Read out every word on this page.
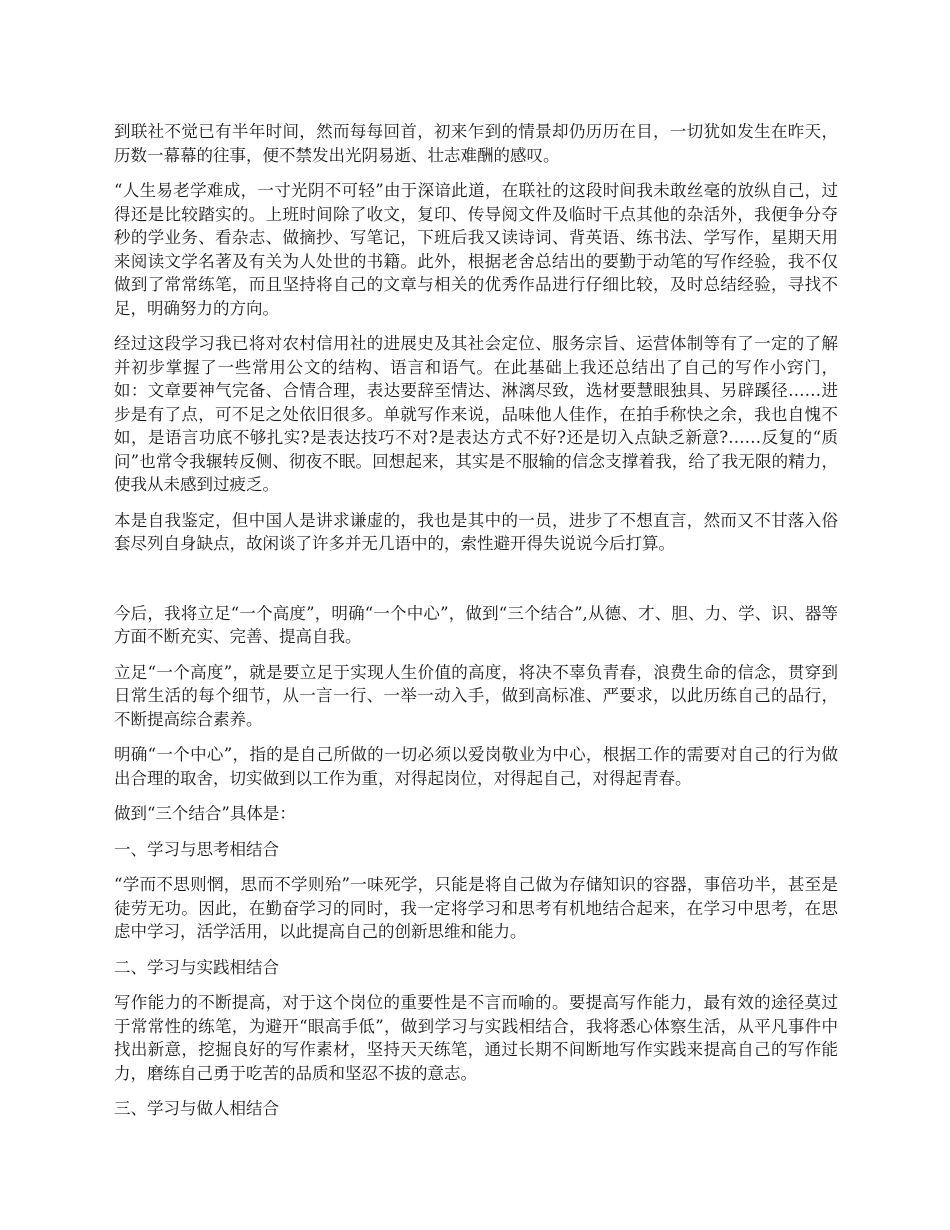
到联社不觉已有半年时间，然而每每回首，初来乍到的情景却仍历历在目，一切犹如发生在昨天，历数一幕幕的往事，便不禁发出光阴易逝、壮志难酬的感叹。

“人生易老学难成，一寸光阴不可轻”由于深谙此道，在联社的这段时间我未敢丝毫的放纵自己，过得还是比较踏实的。上班时间除了收文，复印、传导阅文件及临时干点其他的杂活外，我便争分夺秒的学业务、看杂志、做摘抄、写笔记，下班后我又读诗词、背英语、练书法、学写作，星期天用来阅读文学名著及有关为人处世的书籍。此外，根据老舍总结出的要勤于动笔的写作经验，我不仅做到了常常练笔，而且坚持将自己的文章与相关的优秀作品进行仔细比较，及时总结经验，寻找不足，明确努力的方向。

经过这段学习我已将对农村信用社的进展史及其社会定位、服务宗旨、运营体制等有了一定的了解并初步掌握了一些常用公文的结构、语言和语气。在此基础上我还总结出了自己的写作小窍门，如：文章要神气完备、合情合理，表达要辞至情达、淋漓尽致，选材要慧眼独具、另辟蹊径……进步是有了点，可不足之处依旧很多。单就写作来说，品味他人佳作，在拍手称快之余，我也自愧不如，是语言功底不够扎实?是表达技巧不对?是表达方式不好?还是切入点缺乏新意?……反复的“质问”也常令我辗转反侧、彻夜不眠。回想起来，其实是不服输的信念支撑着我，给了我无限的精力，使我从未感到过疲乏。

本是自我鉴定，但中国人是讲求谦虚的，我也是其中的一员，进步了不想直言，然而又不甘落入俗套尽列自身缺点，故闲谈了许多并无几语中的，索性避开得失说说今后打算。

今后，我将立足“一个高度”，明确“一个中心”，做到“三个结合”,从德、才、胆、力、学、识、器等方面不断充实、完善、提高自我。

立足“一个高度”，就是要立足于实现人生价值的高度，将决不辜负青春，浪费生命的信念，贯穿到日常生活的每个细节，从一言一行、一举一动入手，做到高标准、严要求，以此历练自己的品行，不断提高综合素养。

明确“一个中心”，指的是自己所做的一切必须以爱岗敬业为中心，根据工作的需要对自己的行为做出合理的取舍，切实做到以工作为重，对得起岗位，对得起自己，对得起青春。

做到“三个结合”具体是：

一、学习与思考相结合

“学而不思则惘，思而不学则殆”一味死学，只能是将自己做为存储知识的容器，事倍功半，甚至是徒劳无功。因此，在勤奋学习的同时，我一定将学习和思考有机地结合起来，在学习中思考，在思虑中学习，活学活用，以此提高自己的创新思维和能力。

二、学习与实践相结合

写作能力的不断提高，对于这个岗位的重要性是不言而喻的。要提高写作能力，最有效的途径莫过于常常性的练笔，为避开“眼高手低”，做到学习与实践相结合，我将悉心体察生活，从平凡事件中找出新意，挖掘良好的写作素材，坚持天天练笔，通过长期不间断地写作实践来提高自己的写作能力，磨练自己勇于吃苦的品质和坚忍不拔的意志。

三、学习与做人相结合
